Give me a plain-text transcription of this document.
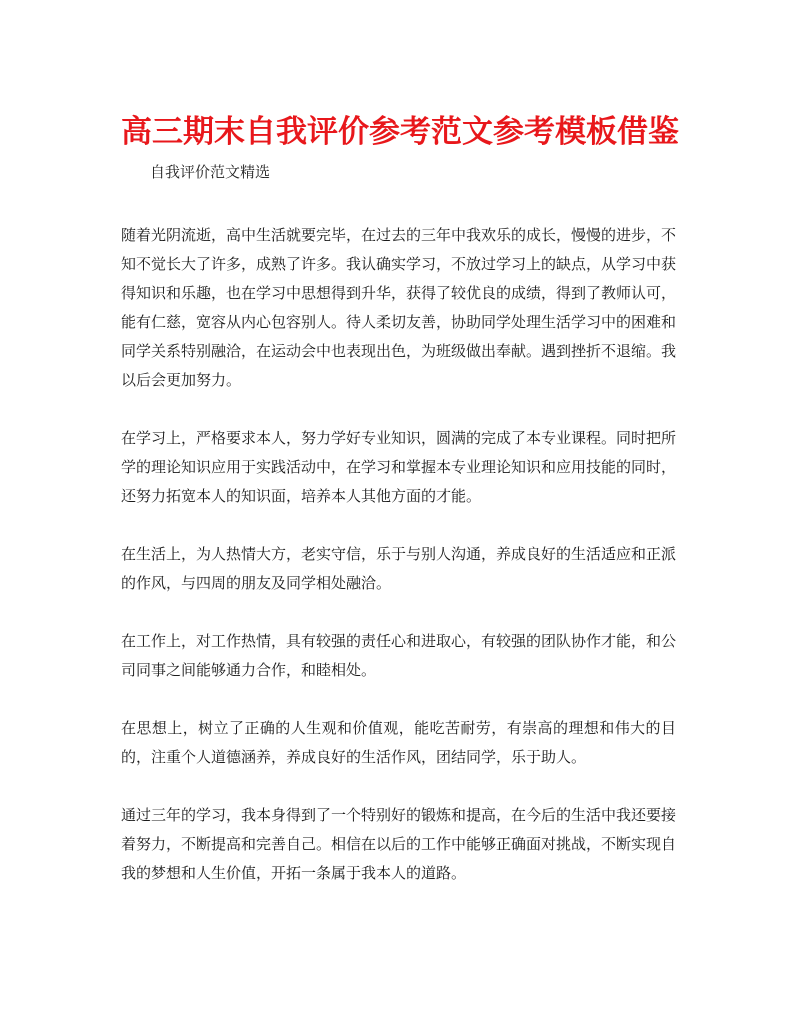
高三期末自我评价参考范文参考模板借鉴

自我评价范文精选

随着光阴流逝，高中生活就要完毕，在过去的三年中我欢乐的成长，慢慢的进步，不知不觉长大了许多，成熟了许多。我认确实学习，不放过学习上的缺点，从学习中获得知识和乐趣，也在学习中思想得到升华，获得了较优良的成绩，得到了教师认可，能有仁慈，宽容从内心包容别人。待人柔切友善，协助同学处理生活学习中的困难和同学关系特别融洽，在运动会中也表现出色，为班级做出奉献。遇到挫折不退缩。我以后会更加努力。

在学习上，严格要求本人，努力学好专业知识，圆满的完成了本专业课程。同时把所学的理论知识应用于实践活动中，在学习和掌握本专业理论知识和应用技能的同时，还努力拓宽本人的知识面，培养本人其他方面的才能。

在生活上，为人热情大方，老实守信，乐于与别人沟通，养成良好的生活适应和正派的作风，与四周的朋友及同学相处融洽。

在工作上，对工作热情，具有较强的责任心和进取心，有较强的团队协作才能，和公司同事之间能够通力合作，和睦相处。

在思想上，树立了正确的人生观和价值观，能吃苦耐劳，有崇高的理想和伟大的目的，注重个人道德涵养，养成良好的生活作风，团结同学，乐于助人。

通过三年的学习，我本身得到了一个特别好的锻炼和提高，在今后的生活中我还要接着努力，不断提高和完善自己。相信在以后的工作中能够正确面对挑战，不断实现自我的梦想和人生价值，开拓一条属于我本人的道路。
